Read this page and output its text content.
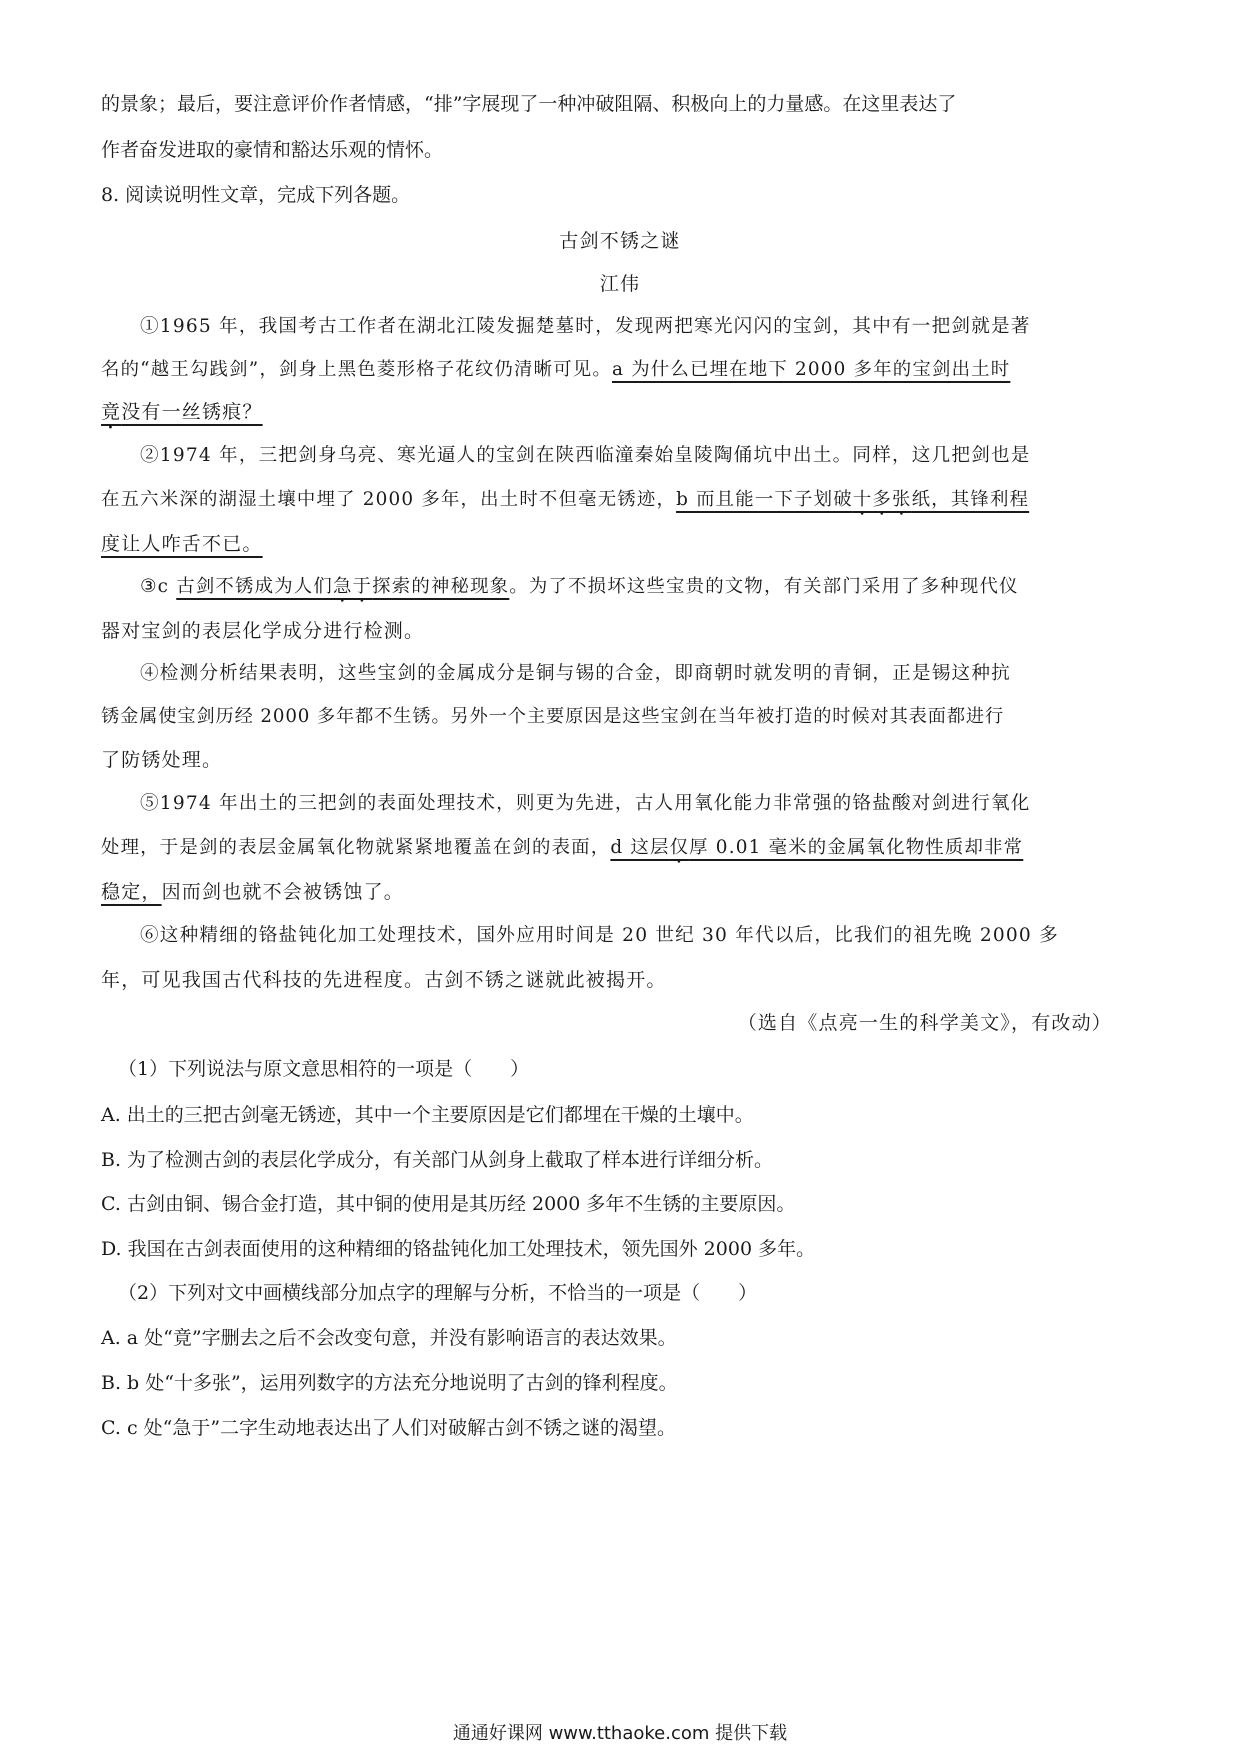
的景象；最后，要注意评价作者情感，“排”字展现了一种冲破阻隔、积极向上的力量感。在这里表达了
作者奋发进取的豪情和豁达乐观的情怀。
8. 阅读说明性文章，完成下列各题。
古剑不锈之谜
江伟
①1965 年，我国考古工作者在湖北江陵发掘楚墓时，发现两把寒光闪闪的宝剑，其中有一把剑就是著
名的“越王勾践剑”，剑身上黑色菱形格子花纹仍清晰可见。a 为什么已埋在地下 2000 多年的宝剑出土时
竟没有一丝锈痕？
②1974 年，三把剑身乌亮、寒光逼人的宝剑在陕西临潼秦始皇陵陶俑坑中出土。同样，这几把剑也是
在五六米深的湖湿土壤中埋了 2000 多年，出土时不但毫无锈迹，b 而且能一下子划破十多张纸，其锋利程
度让人咋舌不已。
③c 古剑不锈成为人们急于探索的神秘现象。为了不损坏这些宝贵的文物，有关部门采用了多种现代仪
器对宝剑的表层化学成分进行检测。
④检测分析结果表明，这些宝剑的金属成分是铜与锡的合金，即商朝时就发明的青铜，正是锡这种抗
锈金属使宝剑历经 2000 多年都不生锈。另外一个主要原因是这些宝剑在当年被打造的时候对其表面都进行
了防锈处理。
⑤1974 年出土的三把剑的表面处理技术，则更为先进，古人用氧化能力非常强的铬盐酸对剑进行氧化
处理，于是剑的表层金属氧化物就紧紧地覆盖在剑的表面，d 这层仅厚 0.01 毫米的金属氧化物性质却非常
稳定，因而剑也就不会被锈蚀了。
⑥这种精细的铬盐钝化加工处理技术，国外应用时间是 20 世纪 30 年代以后，比我们的祖先晚 2000 多
年，可见我国古代科技的先进程度。古剑不锈之谜就此被揭开。
（选自《点亮一生的科学美文》，有改动）
（1）下列说法与原文意思相符的一项是（　　）
A. 出土的三把古剑毫无锈迹，其中一个主要原因是它们都埋在干燥的土壤中。
B. 为了检测古剑的表层化学成分，有关部门从剑身上截取了样本进行详细分析。
C. 古剑由铜、锡合金打造，其中铜的使用是其历经 2000 多年不生锈的主要原因。
D. 我国在古剑表面使用的这种精细的铬盐钝化加工处理技术，领先国外 2000 多年。
（2）下列对文中画横线部分加点字的理解与分析，不恰当的一项是（　　）
A. a 处“竟”字删去之后不会改变句意，并没有影响语言的表达效果。
B. b 处“十多张”，运用列数字的方法充分地说明了古剑的锋利程度。
C. c 处“急于”二字生动地表达出了人们对破解古剑不锈之谜的渴望。
通通好课网 www.tthaoke.com 提供下载
